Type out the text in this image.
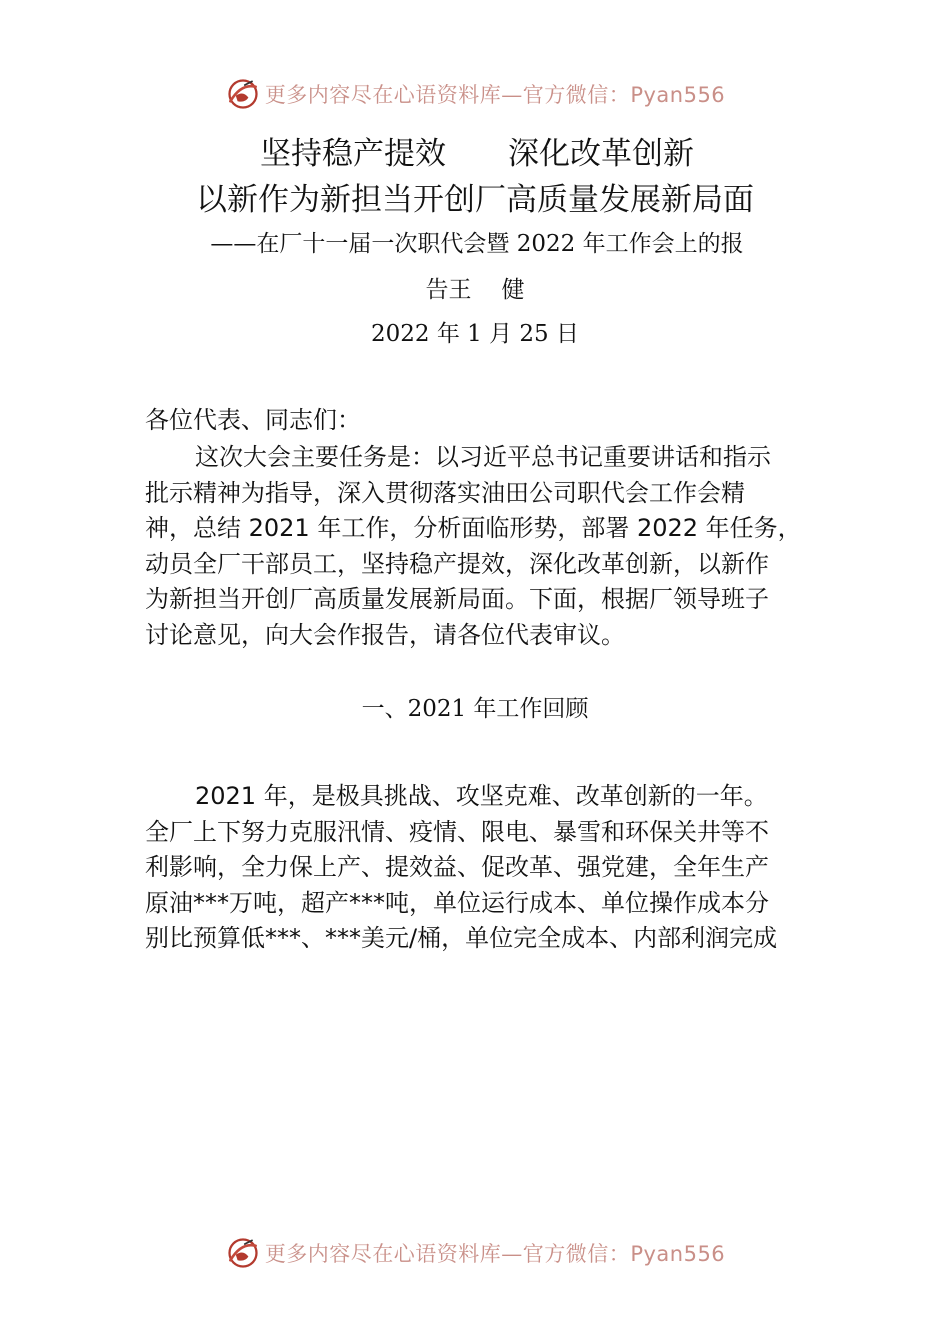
更多内容尽在心语资料库—官方微信：Pyan556
坚持稳产提效 深化改革创新
以新作为新担当开创厂高质量发展新局面
——在厂十一届一次职代会暨 2022 年工作会上的报
告王 健
2022 年 1 月 25 日
各位代表、同志们：
这次大会主要任务是：以习近平总书记重要讲话和指示
批示精神为指导，深入贯彻落实油田公司职代会工作会精
神，总结 2021 年工作，分析面临形势，部署 2022 年任务，
动员全厂干部员工，坚持稳产提效，深化改革创新，以新作
为新担当开创厂高质量发展新局面。下面，根据厂领导班子
讨论意见，向大会作报告，请各位代表审议。
一、2021 年工作回顾
2021 年，是极具挑战、攻坚克难、改革创新的一年。
全厂上下努力克服汛情、疫情、限电、暴雪和环保关井等不
利影响，全力保上产、提效益、促改革、强党建，全年生产
原油***万吨，超产***吨，单位运行成本、单位操作成本分
别比预算低***、***美元/桶，单位完全成本、内部利润完成
更多内容尽在心语资料库—官方微信：Pyan556
